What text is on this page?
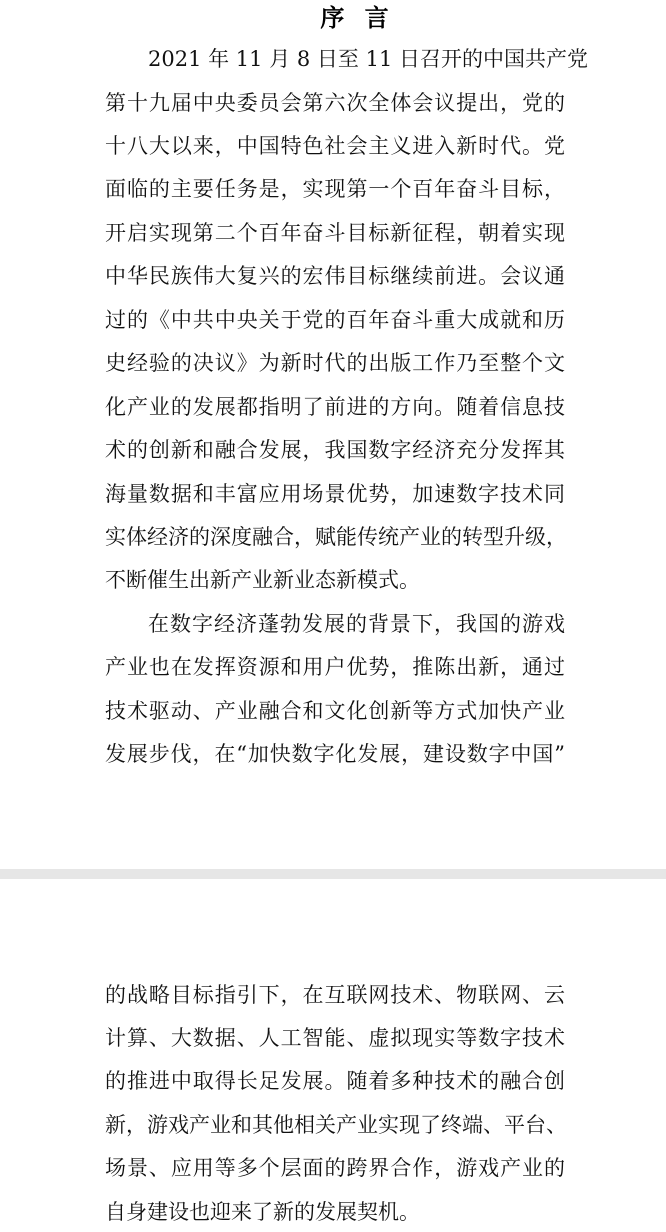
序 言
2021 年 11 月 8 日至 11 日召开的中国共产党
第十九届中央委员会第六次全体会议提出，党的
十八大以来，中国特色社会主义进入新时代。党
面临的主要任务是，实现第一个百年奋斗目标，
开启实现第二个百年奋斗目标新征程，朝着实现
中华民族伟大复兴的宏伟目标继续前进。会议通
过的《中共中央关于党的百年奋斗重大成就和历
史经验的决议》为新时代的出版工作乃至整个文
化产业的发展都指明了前进的方向。随着信息技
术的创新和融合发展，我国数字经济充分发挥其
海量数据和丰富应用场景优势，加速数字技术同
实体经济的深度融合，赋能传统产业的转型升级，
不断催生出新产业新业态新模式。
在数字经济蓬勃发展的背景下，我国的游戏
产业也在发挥资源和用户优势，推陈出新，通过
技术驱动、产业融合和文化创新等方式加快产业
发展步伐，在“加快数字化发展，建设数字中国”
的战略目标指引下，在互联网技术、物联网、云
计算、大数据、人工智能、虚拟现实等数字技术
的推进中取得长足发展。随着多种技术的融合创
新，游戏产业和其他相关产业实现了终端、平台、
场景、应用等多个层面的跨界合作，游戏产业的
自身建设也迎来了新的发展契机。
